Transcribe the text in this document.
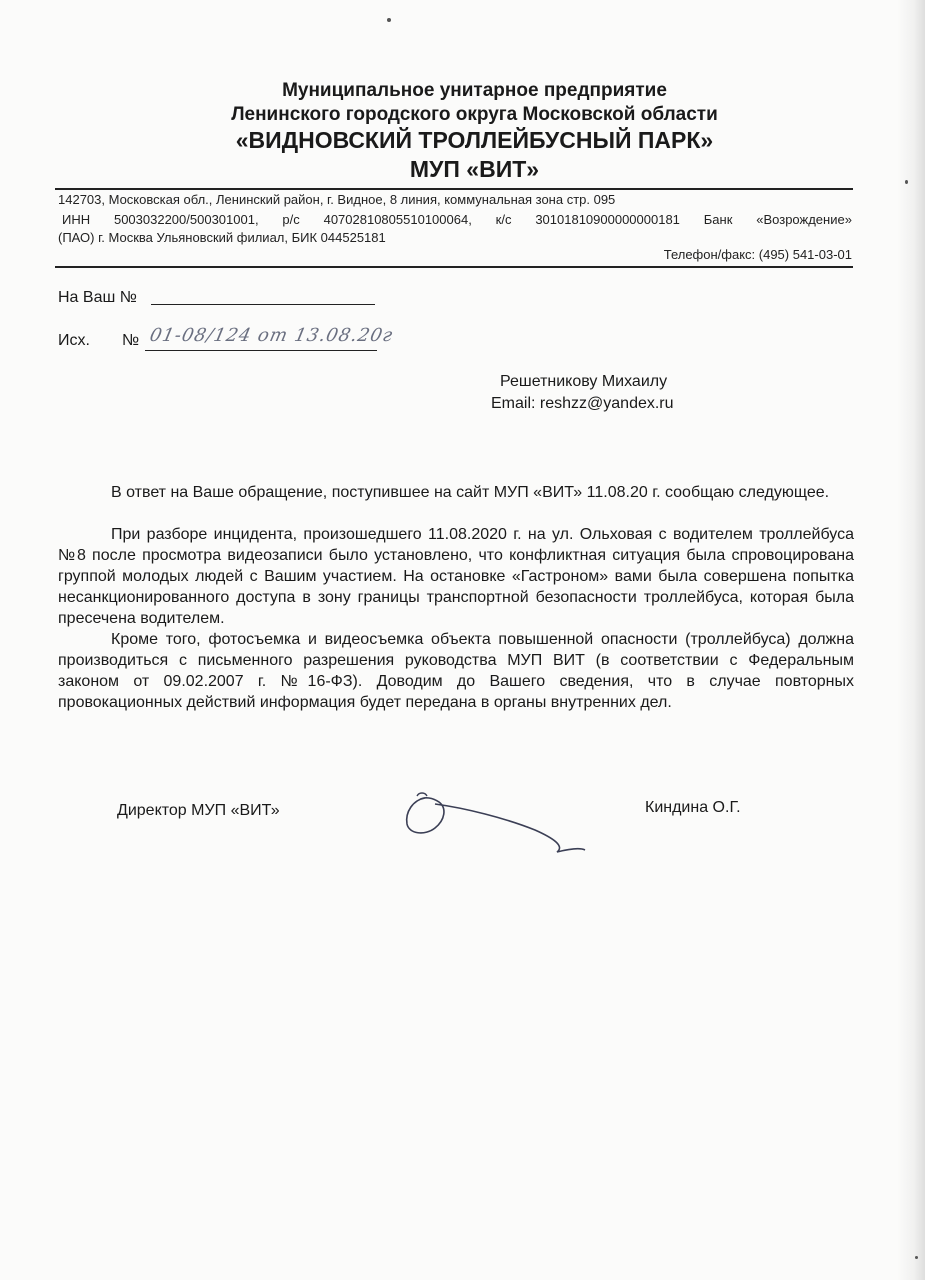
Муниципальное унитарное предприятие
Ленинского городского округа Московской области
«ВИДНОВСКИЙ ТРОЛЛЕЙБУСНЫЙ ПАРК»
МУП «ВИТ»
142703, Московская обл., Ленинский район, г. Видное, 8 линия, коммунальная зона стр. 095
ИНН 5003032200/500301001, р/с 40702810805510100064, к/с 30101810900000000181 Банк «Возрождение»
(ПАО) г. Москва Ульяновский филиал, БИК 044525181
Телефон/факс: (495) 541-03-01
На Ваш №
Исх. № 01-08/124 от 13.08.20г
Решетникову Михаилу
Email: reshzz@yandex.ru
В ответ на Ваше обращение, поступившее на сайт МУП «ВИТ» 11.08.20 г. сообщаю следующее.
При разборе инцидента, произошедшего 11.08.2020 г. на ул. Ольховая с водителем троллейбуса №8 после просмотра видеозаписи было установлено, что конфликтная ситуация была спровоцирована группой молодых людей с Вашим участием. На остановке «Гастроном» вами была совершена попытка несанкционированного доступа в зону границы транспортной безопасности троллейбуса, которая была пресечена водителем.
Кроме того, фотосъемка и видеосъемка объекта повышенной опасности (троллейбуса) должна производиться с письменного разрешения руководства МУП ВИТ (в соответствии с Федеральным законом от 09.02.2007 г. №16-ФЗ). Доводим до Вашего сведения, что в случае повторных провокационных действий информация будет передана в органы внутренних дел.
Директор МУП «ВИТ»	Киндина О.Г.
